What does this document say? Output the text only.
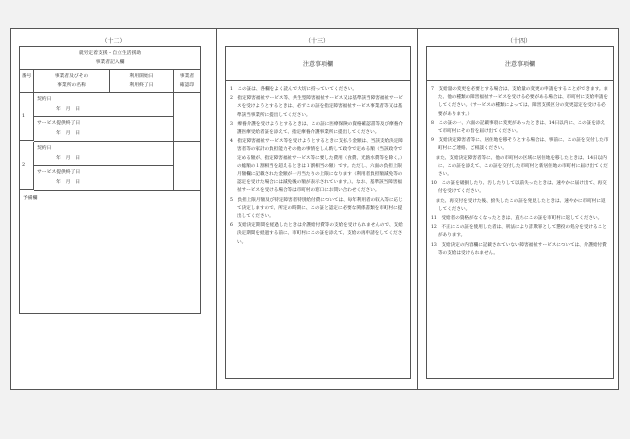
（十二）
就労定着支援・自立生活援助
事業者記入欄
番号	事業者及びその
事業所の名称
利用開始日
利用終了日
事業者
確認印
1
契約日
年　月　日
サービス提供終了日
年　月　日
2
契約日
年　月　日
サービス提供終了日
年　月　日
予備欄
（十三）
注意事項欄

1　この証は、各欄をよく読んで大切に持っていてください。

2　指定障害福祉サービス等、共生型障害福祉サービス又は基準該当障害福祉サービスを受けようとするときは、必ずこの証を指定障害福祉サービス事業者等又は基準該当事業所に提出してください。

3　療養介護を受けようとするときは、この証に医療保険の資格確認書等及び療養介護医療受給者証を添えて、指定療養介護事業所に提出してください。

4　指定障害福祉サービス等を受けようとするときに支払う金額は、当該支給決定障害者等の家計の負担能力その他の事情をしん酌して政令で定める額（当該政令で定める額が、指定障害福祉サービス等に要した費用（食費、光熱水費等を除く。）の総額の１割相当を超えるときは１割相当の額）です。ただし、六面の負担上限月額欄に記載された金額が一月当たりの上限になります（利用者負担額減免等の認定を受けた場合には減免後の額が表示されています。）。なお、基準該当障害福祉サービスを受ける場合等は市町村の窓口にお問い合わせください。

5　負担上限月額及び特定障害者特別給付費については、毎年利用者の収入等に応じて決定しますので、所定の時期に、この証と認定に必要な関係書類を市町村に提出してください。

6　支給決定期間を経過したときは介護給付費等の支給を受けられませんので、支給決定期間を経過する前に、市町村にこの証を添えて、支給の再申請をしてください。

（十四）
注意事項欄

7　支給量の変更を必要とする場合は、支給量の変更の申請をすることができます。また、他の種類の障害福祉サービスを受ける必要がある場合は、市町村に支給申請をしてください。（サービスの種類によっては、障害支援区分の変更認定を受ける必要があります。）

8　この証の一、六面の記載事項に変更があったときは、14日以内に、この証を添えて市町村にその旨を届け出てください。

9　支給決定障害者等に、居住地を移そうとする場合は、事前に、この証を交付した市町村にご連絡、ご相談ください。

　また、支給決定障害者等に、他の市町村の区域に居住地を移したときは、14日以内に、この証を添えて、この証を交付した市町村と新居住地の市町村に届け出てください。

10　この証を破損したり、汚したりして以前失ったときは、速やかに届け出て、再交付を受けてください。

　また、再交付を受けた後、紛失したこの証を発見したときは、速やかに市町村に返してください。

11　受給者の資格がなくなったときは、直ちにこの証を市町村に返してください。

12　不正にこの証を使用した者は、刑法により詐欺罪として懲役の処分を受けることがあります。

13　支給決定の内容欄に記載されていない障害福祉サービスについては、介護給付費等の支給は受けられません。
